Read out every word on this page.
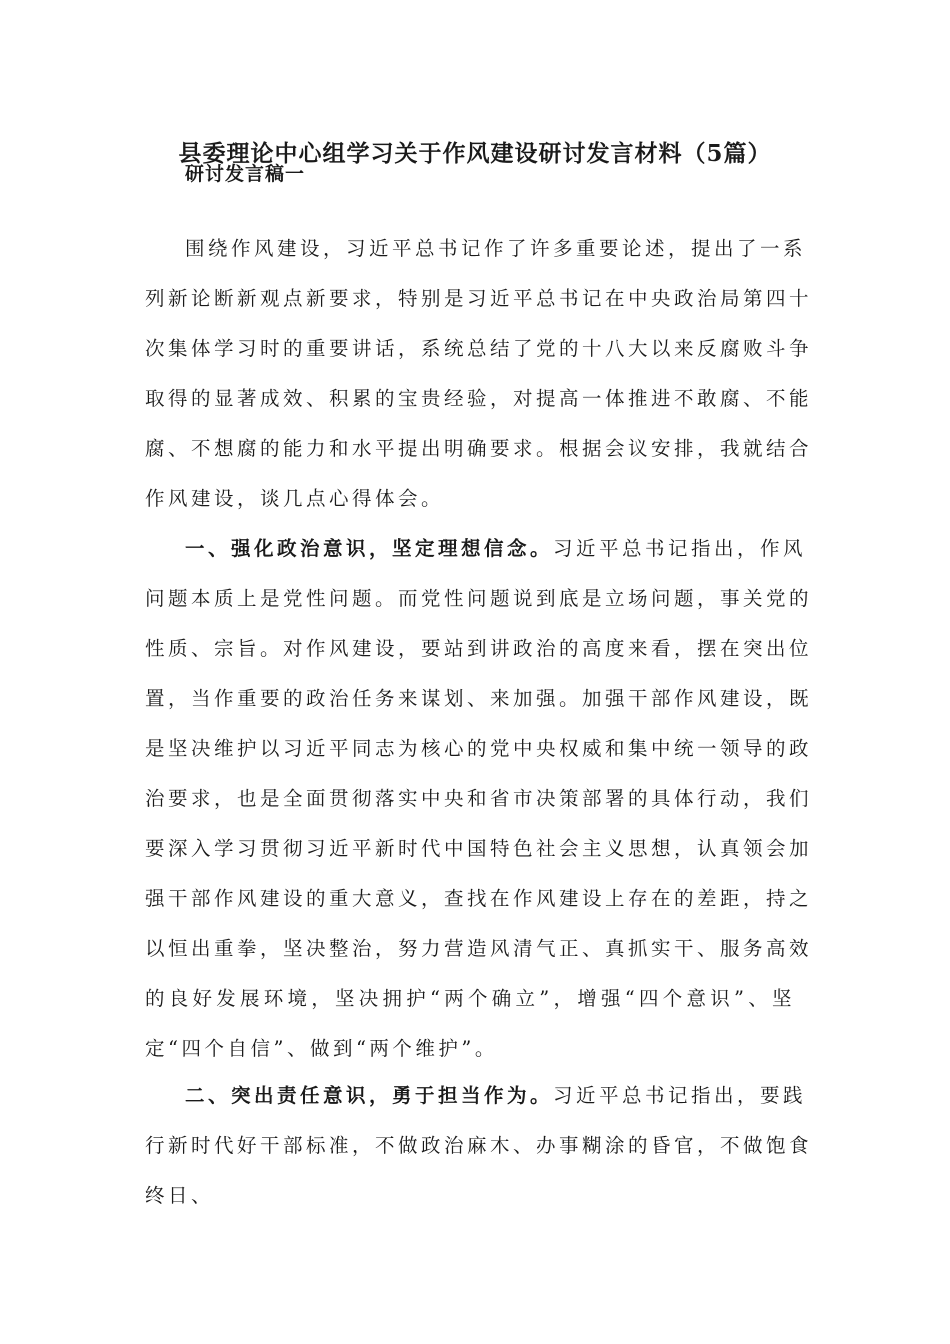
县委理论中心组学习关于作风建设研讨发言材料（5篇）
研讨发言稿一
围绕作风建设，习近平总书记作了许多重要论述，提出了一系
列新论断新观点新要求，特别是习近平总书记在中央政治局第四十
次集体学习时的重要讲话，系统总结了党的十八大以来反腐败斗争
取得的显著成效、积累的宝贵经验，对提高一体推进不敢腐、不能
腐、不想腐的能力和水平提出明确要求。根据会议安排，我就结合
作风建设，谈几点心得体会。
一、强化政治意识，坚定理想信念。习近平总书记指出，作风
问题本质上是党性问题。而党性问题说到底是立场问题，事关党的
性质、宗旨。对作风建设，要站到讲政治的高度来看，摆在突出位
置，当作重要的政治任务来谋划、来加强。加强干部作风建设，既
是坚决维护以习近平同志为核心的党中央权威和集中统一领导的政
治要求，也是全面贯彻落实中央和省市决策部署的具体行动，我们
要深入学习贯彻习近平新时代中国特色社会主义思想，认真领会加
强干部作风建设的重大意义，查找在作风建设上存在的差距，持之
以恒出重拳，坚决整治，努力营造风清气正、真抓实干、服务高效
的良好发展环境，坚决拥护“两个确立”，增强“四个意识”、坚
定“四个自信”、做到“两个维护”。
二、突出责任意识，勇于担当作为。习近平总书记指出，要践
行新时代好干部标准，不做政治麻木、办事糊涂的昏官，不做饱食
终日、
